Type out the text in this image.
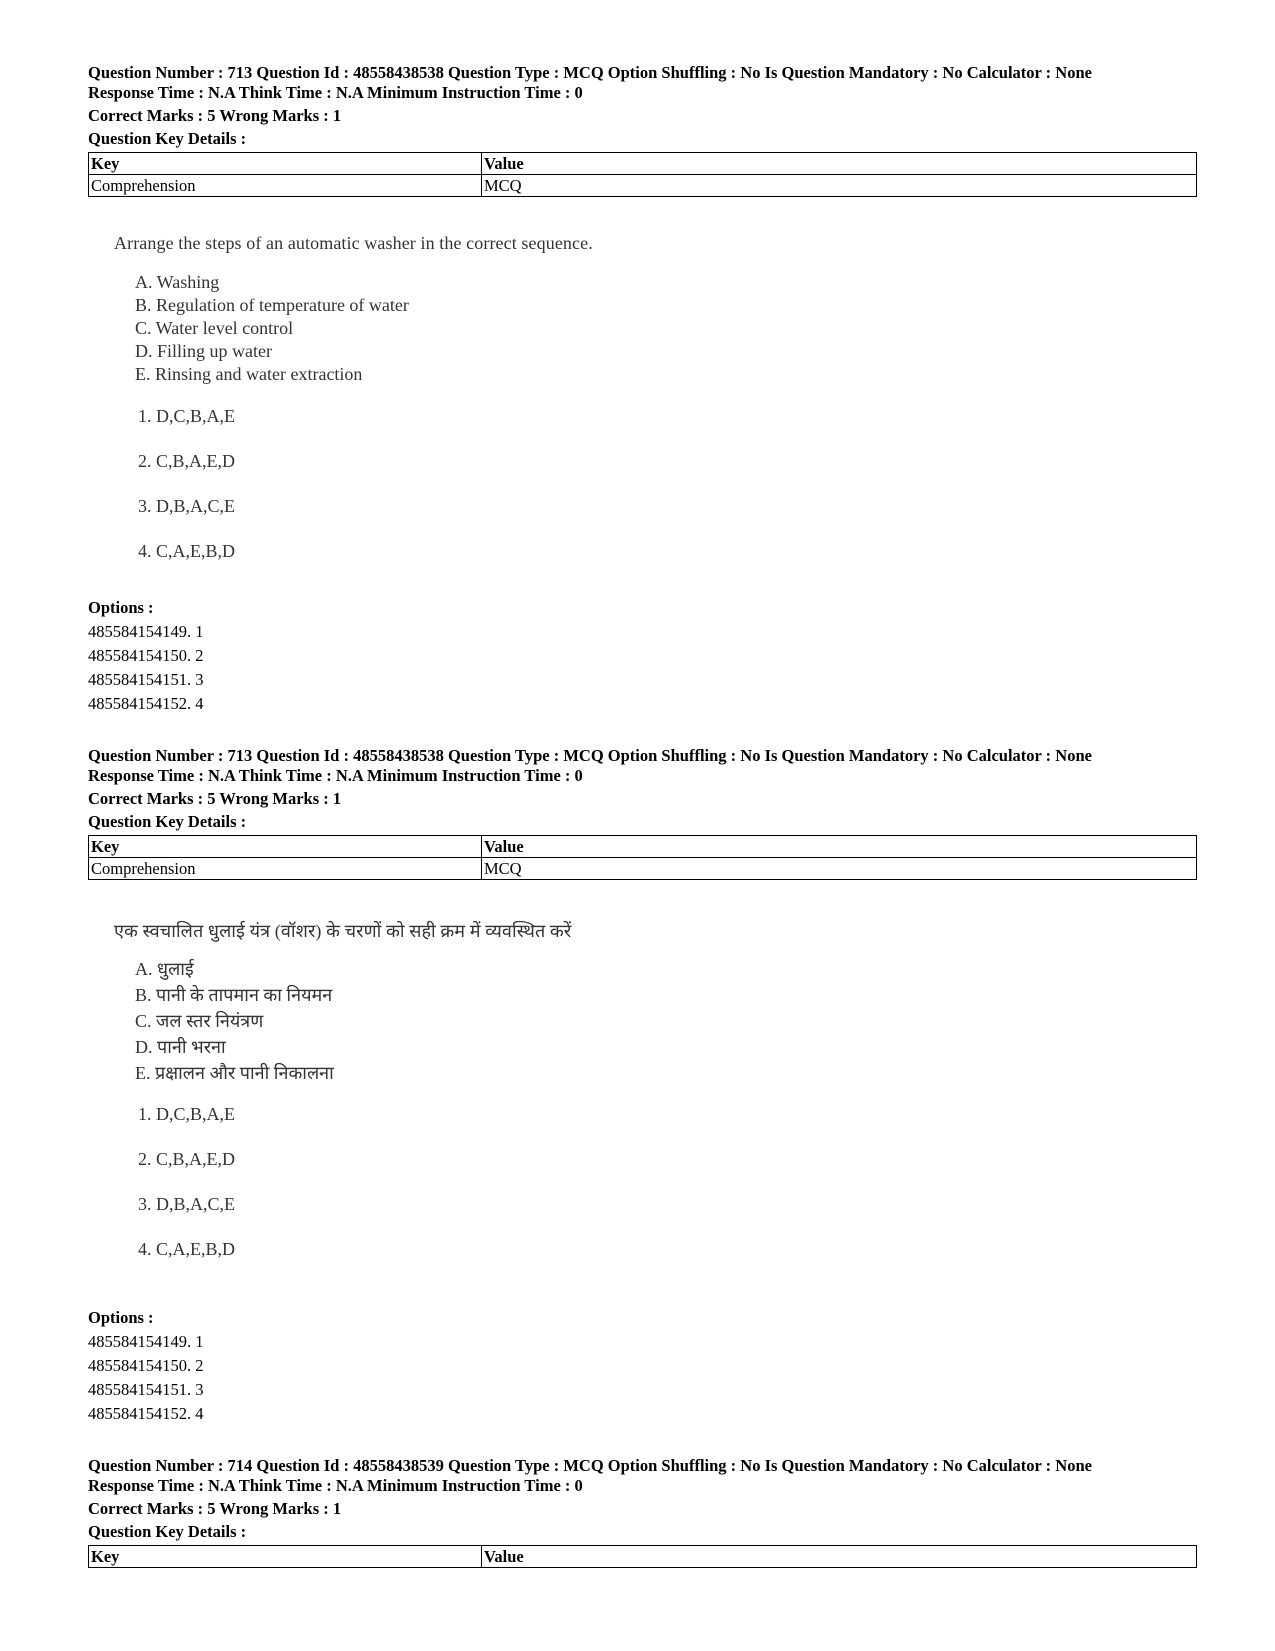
Question Number : 713 Question Id : 48558438538 Question Type : MCQ Option Shuffling : No Is Question Mandatory : No Calculator : None
Response Time : N.A Think Time : N.A Minimum Instruction Time : 0
Correct Marks : 5 Wrong Marks : 1
Question Key Details :
Key	Value
Comprehension	MCQ
Arrange the steps of an automatic washer in the correct sequence.
A. Washing
B. Regulation of temperature of water
C. Water level control
D. Filling up water
E. Rinsing and water extraction
1. D,C,B,A,E
2. C,B,A,E,D
3. D,B,A,C,E
4. C,A,E,B,D
Options :
485584154149. 1
485584154150. 2
485584154151. 3
485584154152. 4
Question Number : 713 Question Id : 48558438538 Question Type : MCQ Option Shuffling : No Is Question Mandatory : No Calculator : None
Response Time : N.A Think Time : N.A Minimum Instruction Time : 0
Correct Marks : 5 Wrong Marks : 1
Question Key Details :
Key	Value
Comprehension	MCQ
एक स्वचालित धुलाई यंत्र (वॉशर) के चरणों को सही क्रम में व्यवस्थित करें
A. धुलाई
B. पानी के तापमान का नियमन
C. जल स्तर नियंत्रण
D. पानी भरना
E. प्रक्षालन और पानी निकालना
1. D,C,B,A,E
2. C,B,A,E,D
3. D,B,A,C,E
4. C,A,E,B,D
Options :
485584154149. 1
485584154150. 2
485584154151. 3
485584154152. 4
Question Number : 714 Question Id : 48558438539 Question Type : MCQ Option Shuffling : No Is Question Mandatory : No Calculator : None
Response Time : N.A Think Time : N.A Minimum Instruction Time : 0
Correct Marks : 5 Wrong Marks : 1
Question Key Details :
Key	Value
